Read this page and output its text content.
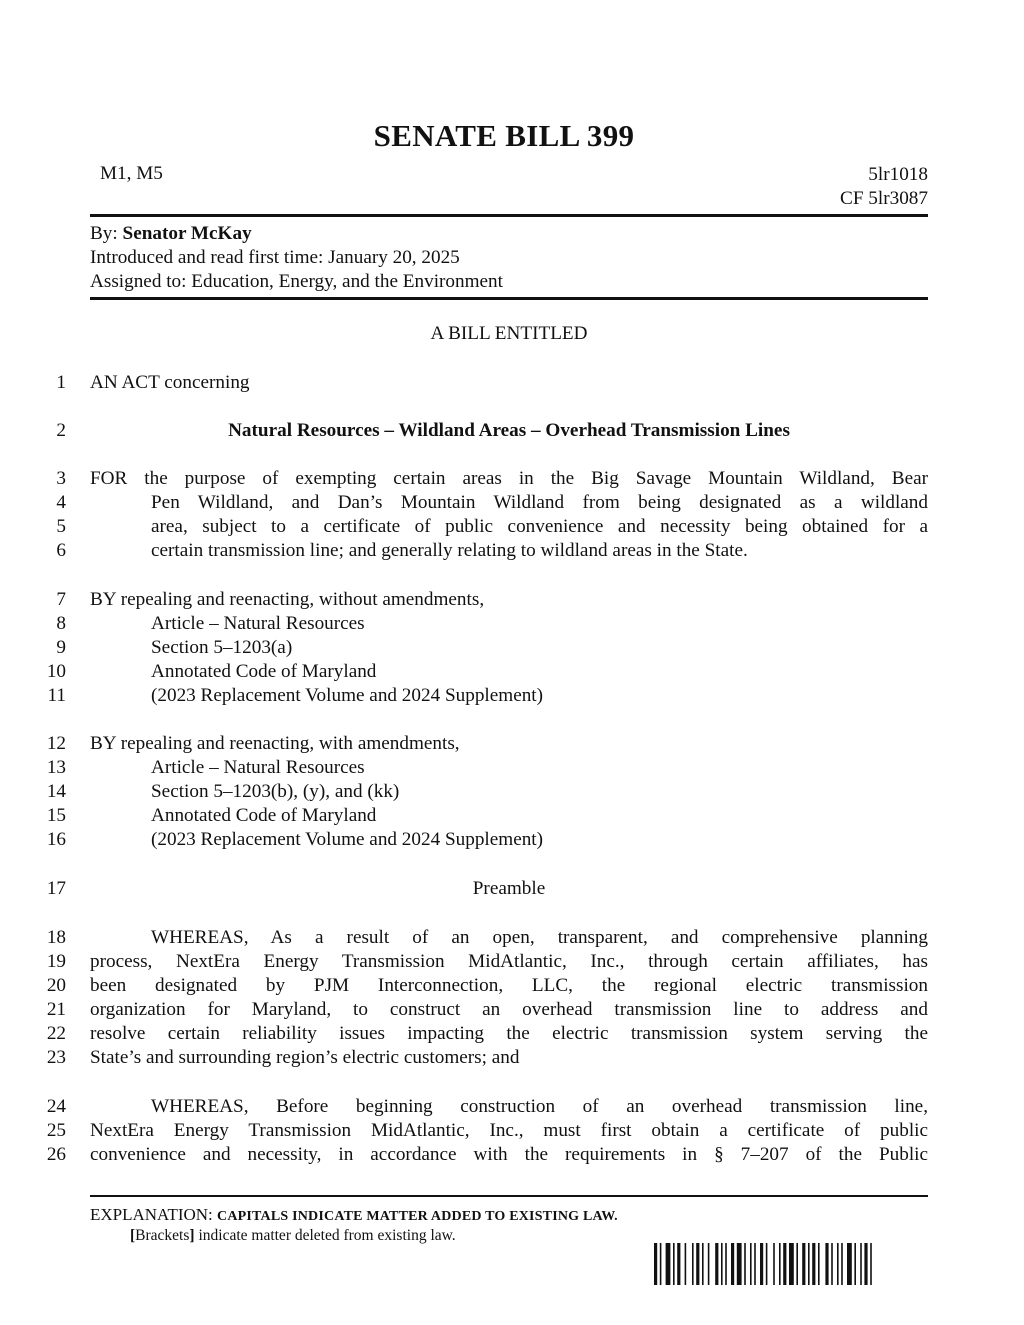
SENATE BILL 399
M1, M5	5lr1018
CF 5lr3087
By: Senator McKay
Introduced and read first time: January 20, 2025
Assigned to: Education, Energy, and the Environment
A BILL ENTITLED
1 AN ACT concerning
2	Natural Resources – Wildland Areas – Overhead Transmission Lines
3 FOR the purpose of exempting certain areas in the Big Savage Mountain Wildland, Bear
4	Pen Wildland, and Dan’s Mountain Wildland from being designated as a wildland
5	area, subject to a certificate of public convenience and necessity being obtained for a
6	certain transmission line; and generally relating to wildland areas in the State.
7 BY repealing and reenacting, without amendments,
8	Article – Natural Resources
9	Section 5–1203(a)
10	Annotated Code of Maryland
11	(2023 Replacement Volume and 2024 Supplement)
12 BY repealing and reenacting, with amendments,
13	Article – Natural Resources
14	Section 5–1203(b), (y), and (kk)
15	Annotated Code of Maryland
16	(2023 Replacement Volume and 2024 Supplement)
17	Preamble
18	WHEREAS, As a result of an open, transparent, and comprehensive planning
19 process, NextEra Energy Transmission MidAtlantic, Inc., through certain affiliates, has
20 been designated by PJM Interconnection, LLC, the regional electric transmission
21 organization for Maryland, to construct an overhead transmission line to address and
22 resolve certain reliability issues impacting the electric transmission system serving the
23 State’s and surrounding region’s electric customers; and
24	WHEREAS, Before beginning construction of an overhead transmission line,
25 NextEra Energy Transmission MidAtlantic, Inc., must first obtain a certificate of public
26 convenience and necessity, in accordance with the requirements in § 7–207 of the Public
EXPLANATION: CAPITALS INDICATE MATTER ADDED TO EXISTING LAW.
[Brackets] indicate matter deleted from existing law.
